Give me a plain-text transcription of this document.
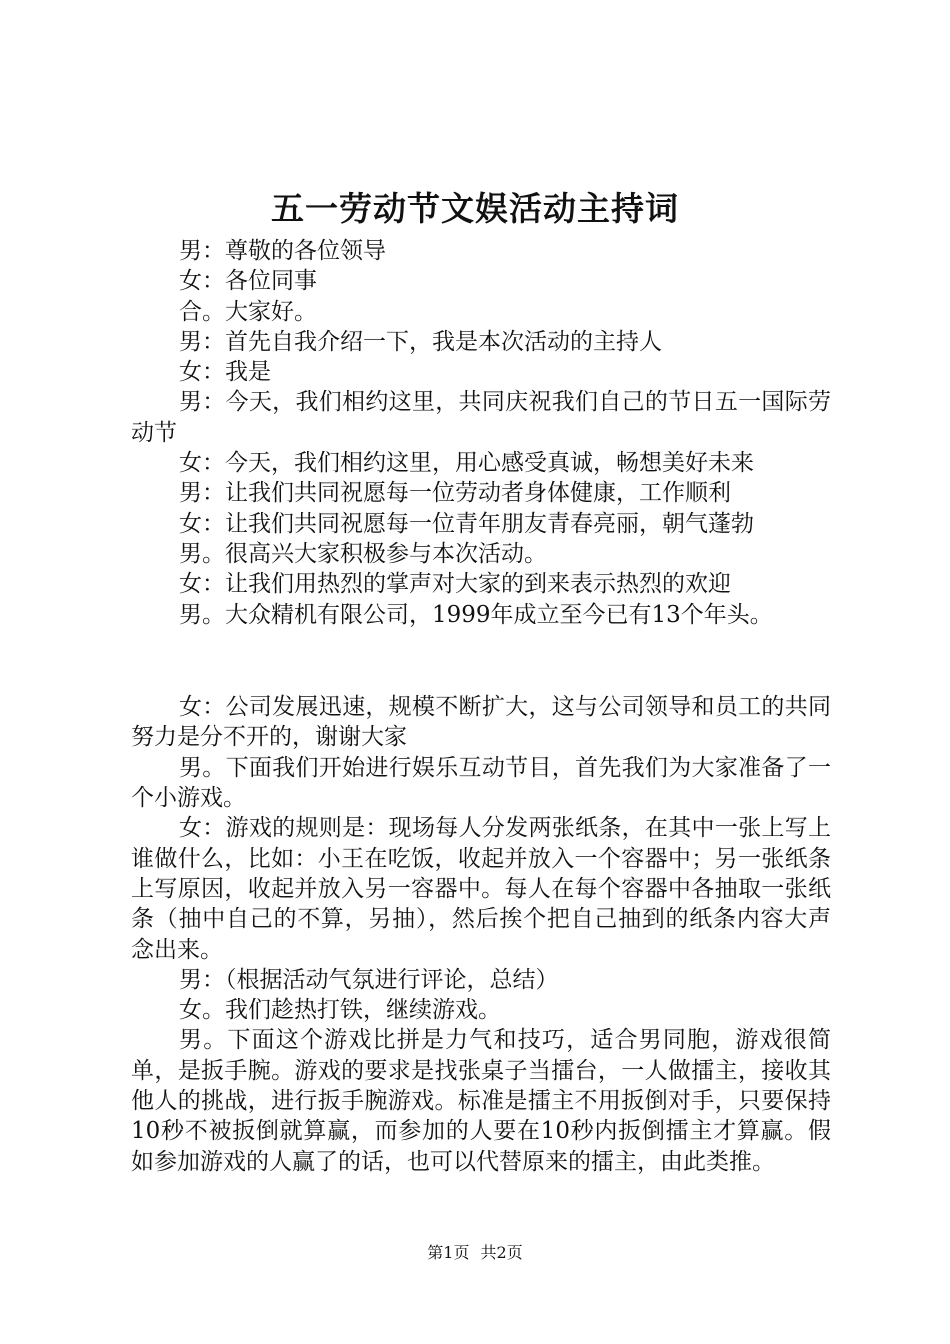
五一劳动节文娱活动主持词

男：尊敬的各位领导

女：各位同事

合。大家好。

男：首先自我介绍一下，我是本次活动的主持人

女：我是

男：今天，我们相约这里，共同庆祝我们自己的节日五一国际劳动节

女：今天，我们相约这里，用心感受真诚，畅想美好未来

男：让我们共同祝愿每一位劳动者身体健康，工作顺利

女：让我们共同祝愿每一位青年朋友青春亮丽，朝气蓬勃

男。很高兴大家积极参与本次活动。

女：让我们用热烈的掌声对大家的到来表示热烈的欢迎

男。大众精机有限公司，1999年成立至今已有13个年头。

女：公司发展迅速，规模不断扩大，这与公司领导和员工的共同努力是分不开的，谢谢大家

男。下面我们开始进行娱乐互动节目，首先我们为大家准备了一个小游戏。

女：游戏的规则是：现场每人分发两张纸条，在其中一张上写上谁做什么，比如：小王在吃饭，收起并放入一个容器中；另一张纸条上写原因，收起并放入另一容器中。每人在每个容器中各抽取一张纸条（抽中自己的不算，另抽），然后挨个把自己抽到的纸条内容大声念出来。

男：（根据活动气氛进行评论，总结）

女。我们趁热打铁，继续游戏。

男。下面这个游戏比拼是力气和技巧，适合男同胞，游戏很简单，是扳手腕。游戏的要求是找张桌子当擂台，一人做擂主，接收其他人的挑战，进行扳手腕游戏。标准是擂主不用扳倒对手，只要保持10秒不被扳倒就算赢，而参加的人要在10秒内扳倒擂主才算赢。假如参加游戏的人赢了的话，也可以代替原来的擂主，由此类推。

第1页 共2页
